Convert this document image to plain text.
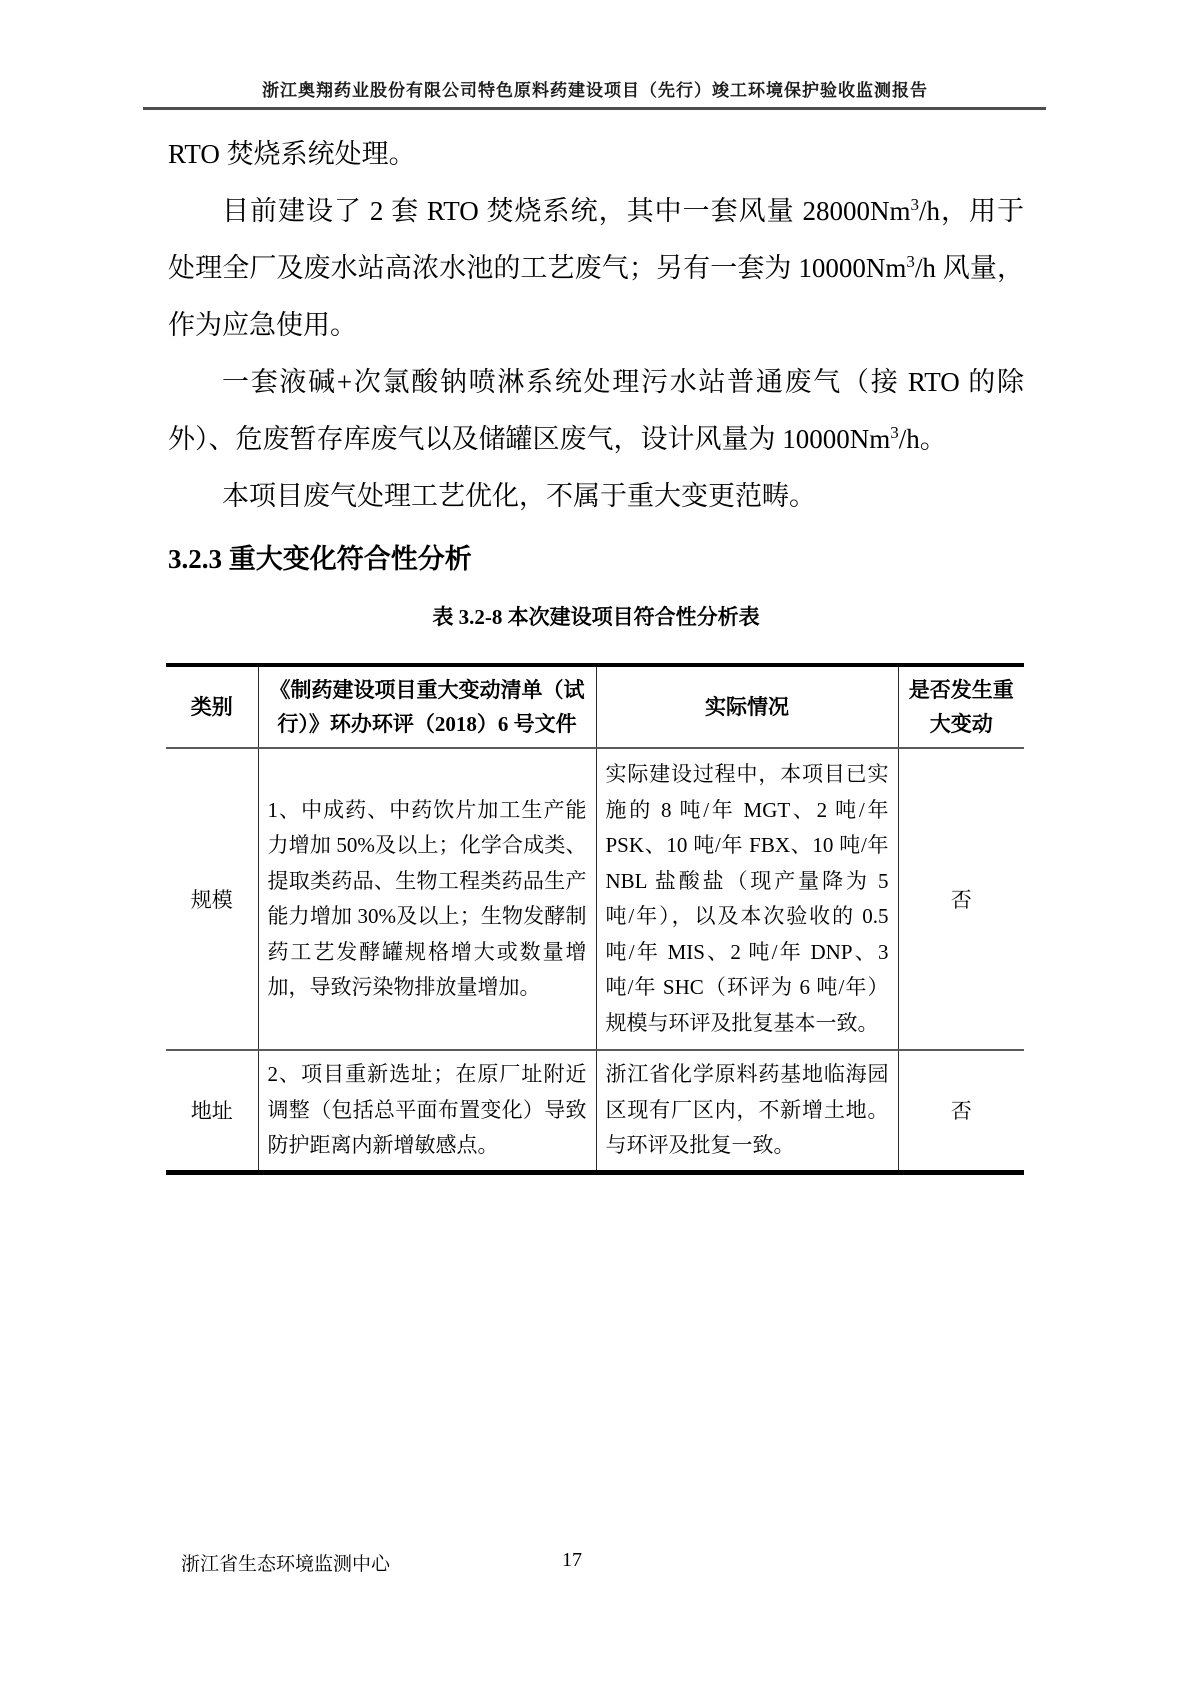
浙江奥翔药业股份有限公司特色原料药建设项目（先行）竣工环境保护验收监测报告

RTO 焚烧系统处理。

目前建设了 2 套 RTO 焚烧系统，其中一套风量 28000Nm$^3$/h，用于处理全厂及废水站高浓水池的工艺废气；另有一套为 10000Nm$^3$/h 风量，作为应急使用。

一套液碱+次氯酸钠喷淋系统处理污水站普通废气（接 RTO 的除外）、危废暂存库废气以及储罐区废气，设计风量为 10000Nm$^3$/h。

本项目废气处理工艺优化，不属于重大变更范畴。

3.2.3 重大变化符合性分析
表 3.2-8 本次建设项目符合性分析表
类别	《制药建设项目重大变动清单（试行）》环办环评（2018）6 号文件	实际情况	是否发生重大变动
规模	1、中成药、中药饮片加工生产能力增加 50%及以上；化学合成类、提取类药品、生物工程类药品生产能力增加 30%及以上；生物发酵制药工艺发酵罐规格增大或数量增加，导致污染物排放量增加。	实际建设过程中，本项目已实施的 8 吨/年 MGT、2 吨/年 PSK、10 吨/年 FBX、10 吨/年 NBL 盐酸盐（现产量降为 5 吨/年），以及本次验收的 0.5 吨/年 MIS、2 吨/年 DNP、3 吨/年 SHC（环评为 6 吨/年）规模与环评及批复基本一致。	否
地址	2、项目重新选址；在原厂址附近调整（包括总平面布置变化）导致防护距离内新增敏感点。	浙江省化学原料药基地临海园区现有厂区内，不新增土地。与环评及批复一致。	否
浙江省生态环境监测中心	17
